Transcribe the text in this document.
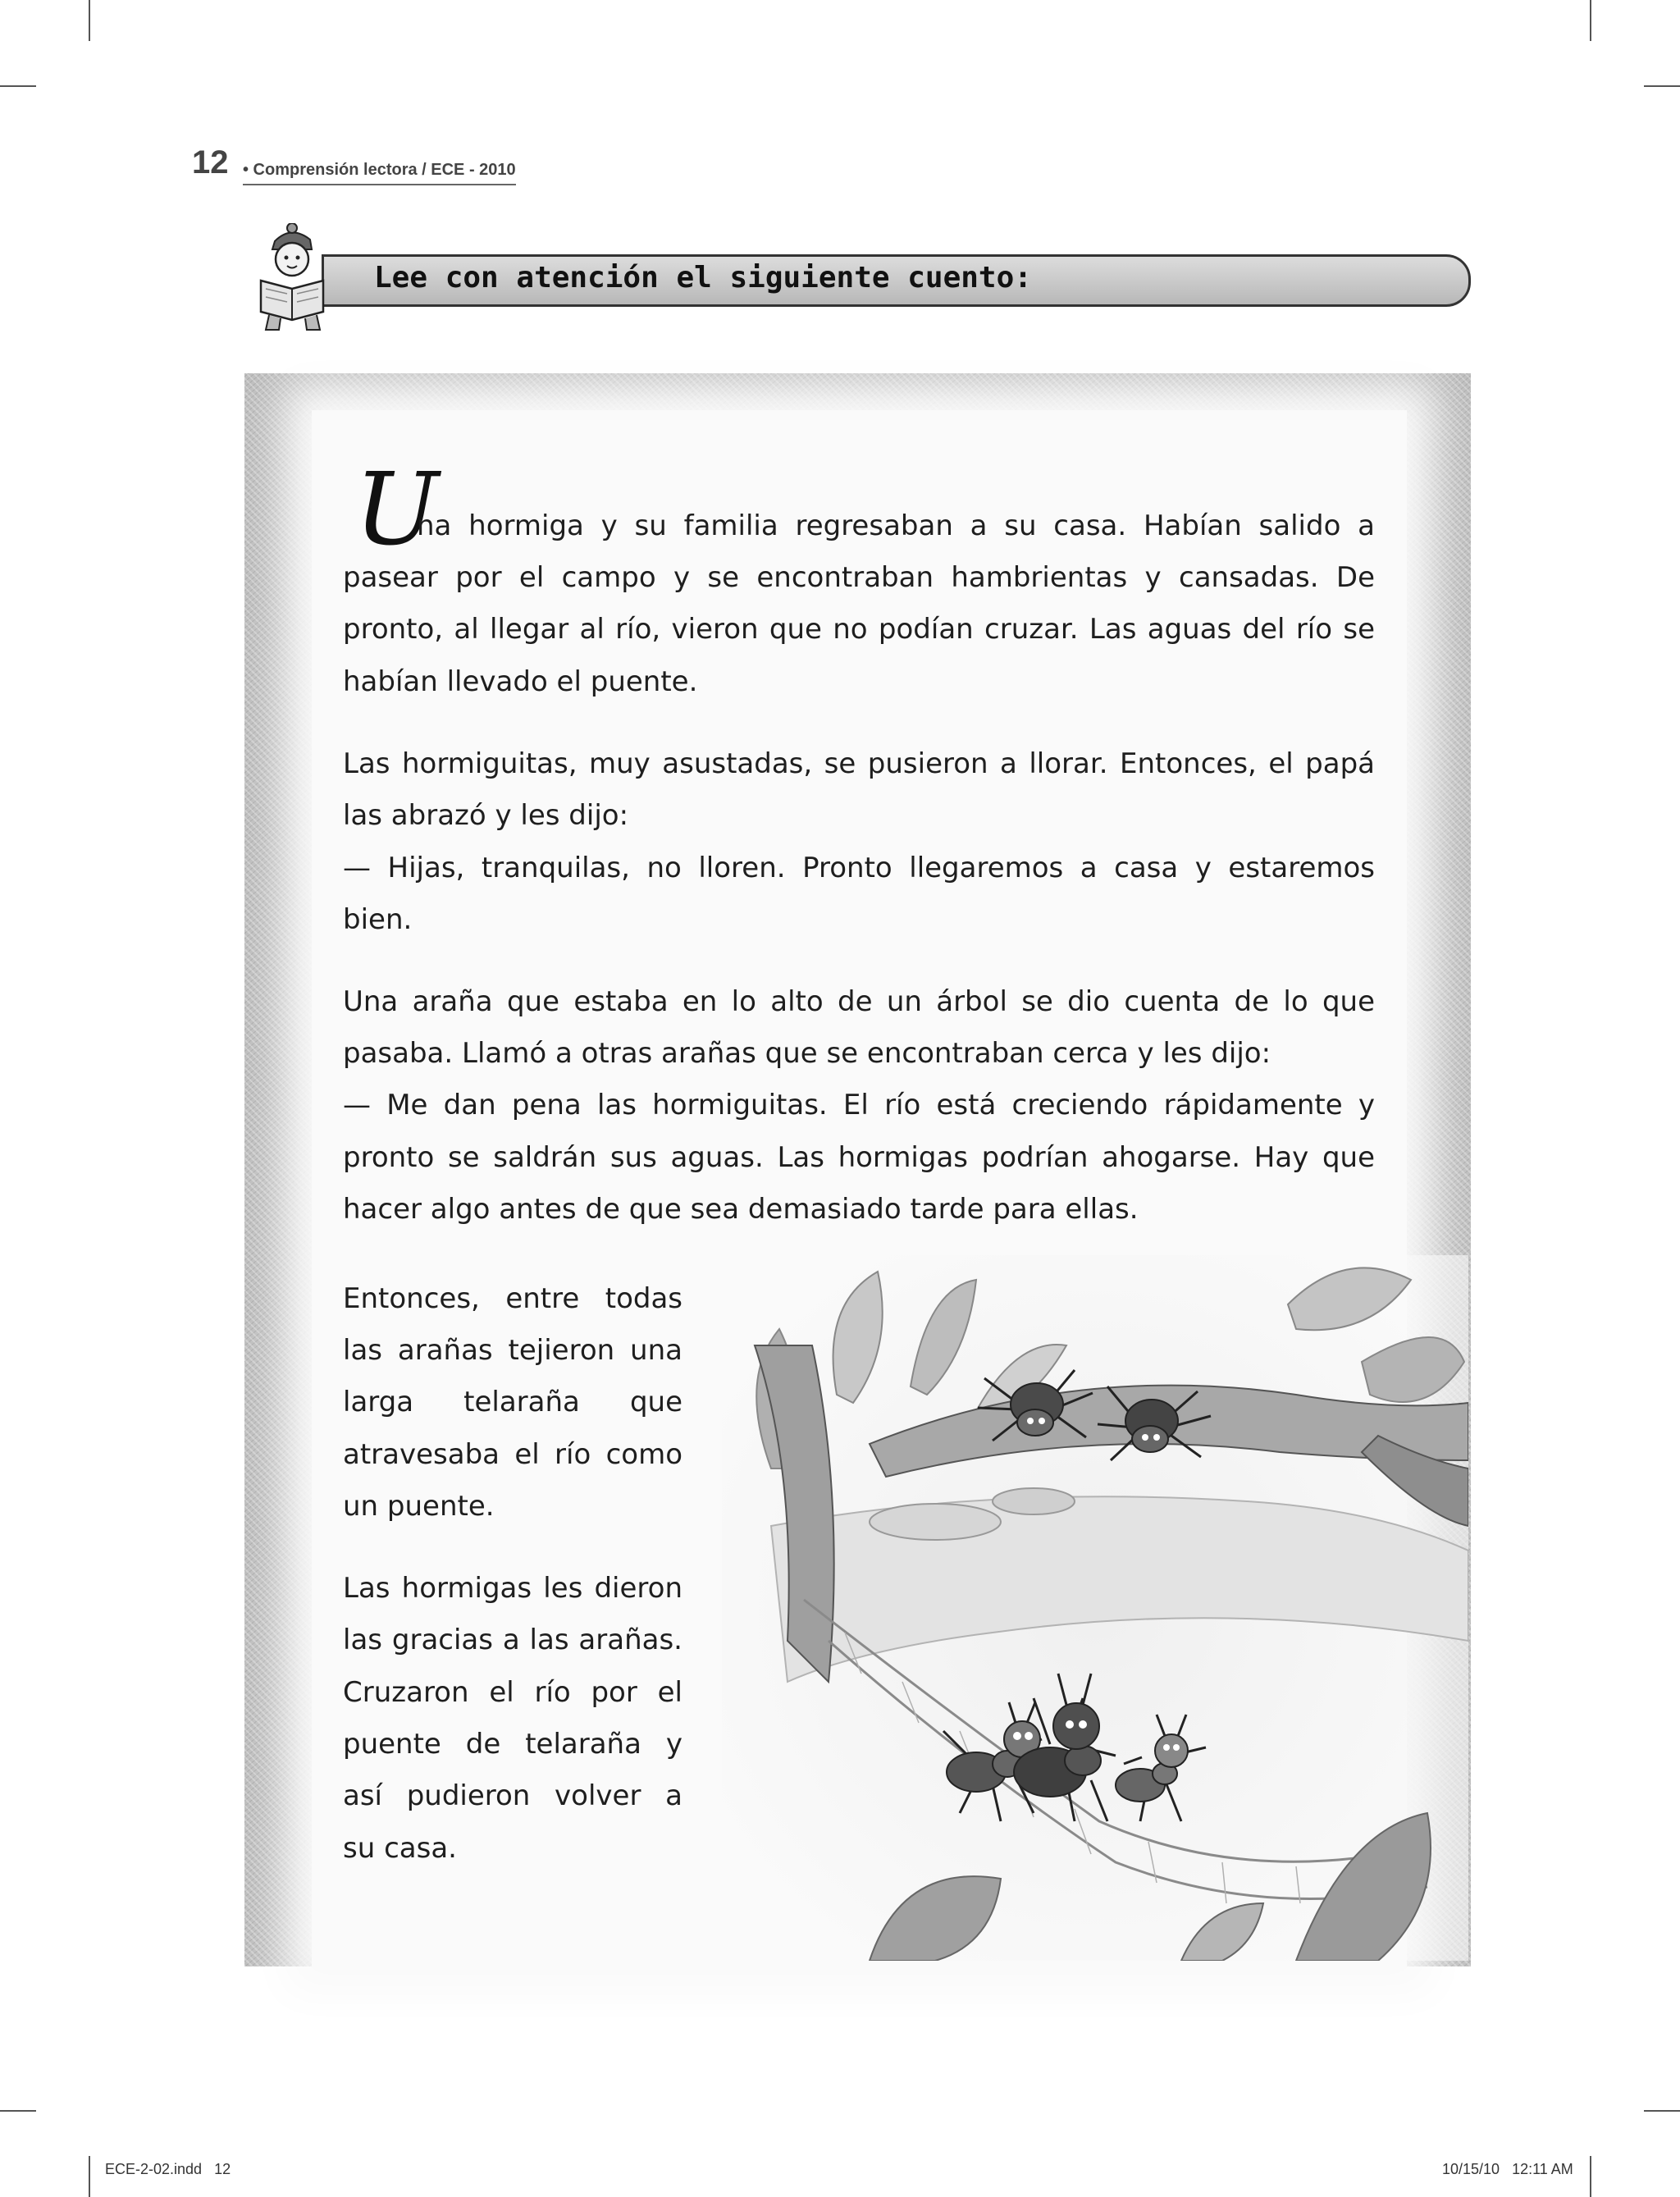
12 • Comprensión lectora / ECE - 2010
Lee con atención el siguiente cuento:
U
na hormiga y su familia regresaban a su casa. Habían salido a
pasear por el campo y se encontraban hambrientas y cansadas. De
pronto, al llegar al río, vieron que no podían cruzar. Las aguas del río se
habían llevado el puente.
Las hormiguitas, muy asustadas, se pusieron a llorar. Entonces, el papá
las abrazó y les dijo:
— Hijas, tranquilas, no lloren. Pronto llegaremos a casa y estaremos
bien.
Una araña que estaba en lo alto de un árbol se dio cuenta de lo que
pasaba. Llamó a otras arañas que se encontraban cerca y les dijo:
— Me dan pena las hormiguitas. El río está creciendo rápidamente y
pronto se saldrán sus aguas. Las hormigas podrían ahogarse. Hay que
hacer algo antes de que sea demasiado tarde para ellas.
Entonces, entre todas
las arañas tejieron una
larga telaraña que
atravesaba el río como
un puente.
Las hormigas les dieron
las gracias a las arañas.
Cruzaron el río por el
puente de telaraña y
así pudieron volver a
su casa.
ECE-2-02.indd   12	10/15/10   12:11 AM
